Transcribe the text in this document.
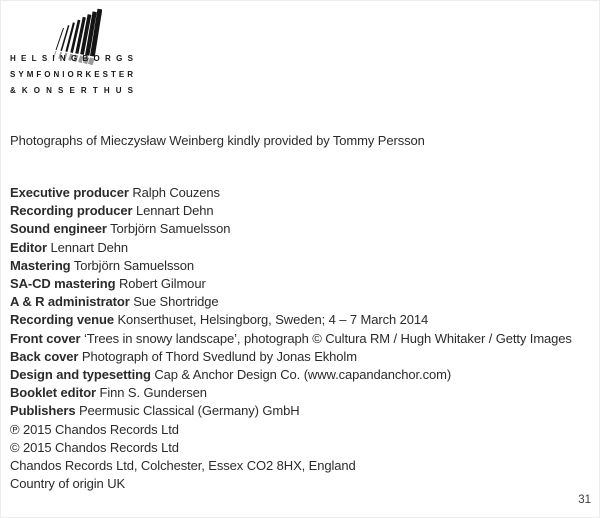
H E L S I N G B O R G S
S Y M F O N I O R K E S T E R
& K O N S E R T H U S

Photographs of Mieczysław Weinberg kindly provided by Tommy Persson

Executive producer Ralph Couzens
Recording producer Lennart Dehn
Sound engineer Torbjörn Samuelsson
Editor Lennart Dehn
Mastering Torbjörn Samuelsson
SA-CD mastering Robert Gilmour
A & R administrator Sue Shortridge
Recording venue Konserthuset, Helsingborg, Sweden; 4 – 7 March 2014
Front cover ‘Trees in snowy landscape’, photograph © Cultura RM / Hugh Whitaker / Getty Images
Back cover Photograph of Thord Svedlund by Jonas Ekholm
Design and typesetting Cap & Anchor Design Co. (www.capandanchor.com)
Booklet editor Finn S. Gundersen
Publishers Peermusic Classical (Germany) GmbH
℗ 2015 Chandos Records Ltd
© 2015 Chandos Records Ltd
Chandos Records Ltd, Colchester, Essex CO2 8HX, England
Country of origin UK
31
